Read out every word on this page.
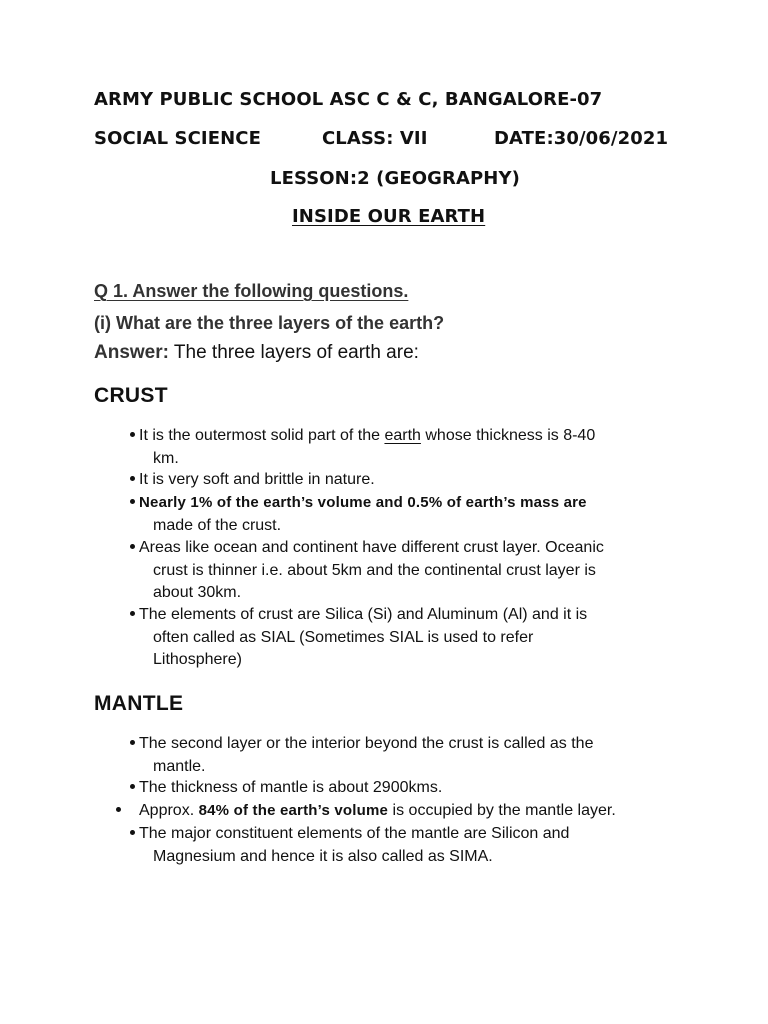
ARMY PUBLIC SCHOOL ASC C & C, BANGALORE-07
SOCIAL SCIENCE	CLASS: VII	DATE:30/06/2021
LESSON:2 (GEOGRAPHY)
INSIDE OUR EARTH
Q 1. Answer the following questions.
(i) What are the three layers of the earth?
Answer: The three layers of earth are:
CRUST
It is the outermost solid part of the earth whose thickness is 8-40
km.
It is very soft and brittle in nature.
Nearly 1% of the earth’s volume and 0.5% of earth’s mass are
made of the crust.
Areas like ocean and continent have different crust layer. Oceanic
crust is thinner i.e. about 5km and the continental crust layer is
about 30km.
The elements of crust are Silica (Si) and Aluminum (Al) and it is
often called as SIAL (Sometimes SIAL is used to refer
Lithosphere)
MANTLE
The second layer or the interior beyond the crust is called as the
mantle.
The thickness of mantle is about 2900kms.
Approx. 84% of the earth’s volume is occupied by the mantle layer.
The major constituent elements of the mantle are Silicon and
Magnesium and hence it is also called as SIMA.
